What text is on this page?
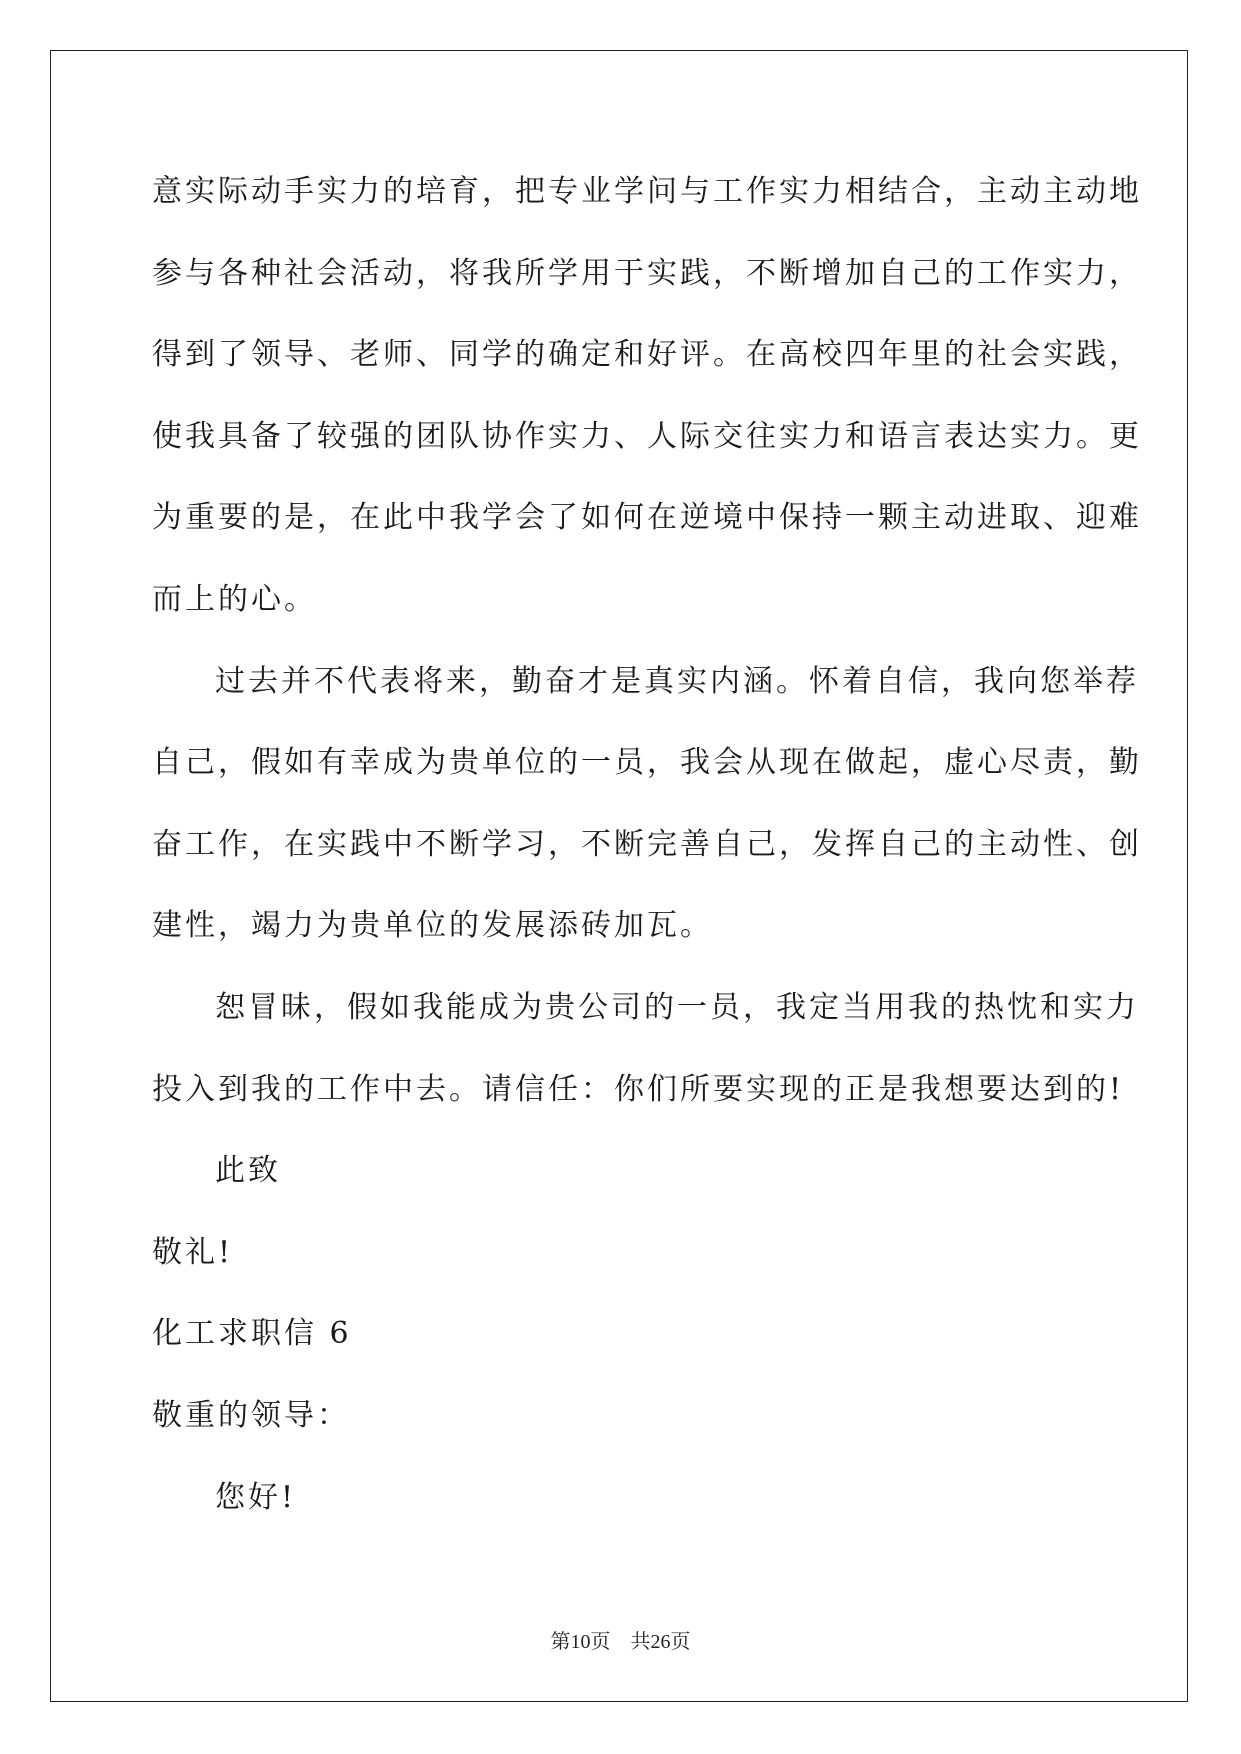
意实际动手实力的培育，把专业学问与工作实力相结合，主动主动地
参与各种社会活动，将我所学用于实践，不断增加自己的工作实力，
得到了领导、老师、同学的确定和好评。在高校四年里的社会实践，
使我具备了较强的团队协作实力、人际交往实力和语言表达实力。更
为重要的是，在此中我学会了如何在逆境中保持一颗主动进取、迎难
而上的心。
过去并不代表将来，勤奋才是真实内涵。怀着自信，我向您举荐
自己，假如有幸成为贵单位的一员，我会从现在做起，虚心尽责，勤
奋工作，在实践中不断学习，不断完善自己，发挥自己的主动性、创
建性，竭力为贵单位的发展添砖加瓦。
恕冒昧，假如我能成为贵公司的一员，我定当用我的热忱和实力
投入到我的工作中去。请信任：你们所要实现的正是我想要达到的!
此致
敬礼!
化工求职信 6
敬重的领导：
您好!
第10页　共26页
